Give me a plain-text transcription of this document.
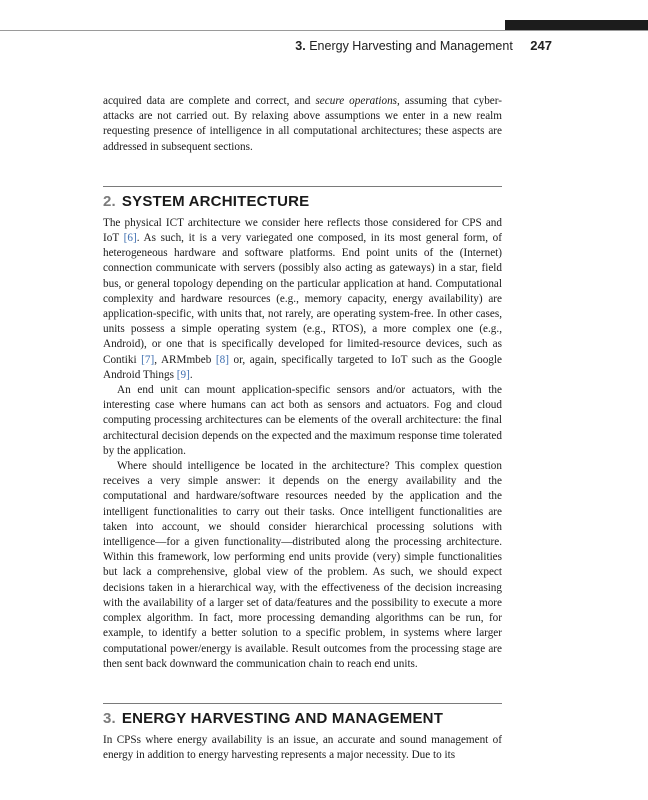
3. Energy Harvesting and Management 247

acquired data are complete and correct, and secure operations, assuming that cyber-attacks are not carried out. By relaxing above assumptions we enter in a new realm requesting presence of intelligence in all computational architectures; these aspects are addressed in subsequent sections.

2. SYSTEM ARCHITECTURE

The physical ICT architecture we consider here reflects those considered for CPS and IoT [6]. As such, it is a very variegated one composed, in its most general form, of heterogeneous hardware and software platforms. End point units of the (Internet) connection communicate with servers (possibly also acting as gateways) in a star, field bus, or general topology depending on the particular application at hand. Computational complexity and hardware resources (e.g., memory capacity, energy availability) are application-specific, with units that, not rarely, are operating system-free. In other cases, units possess a simple operating system (e.g., RTOS), a more complex one (e.g., Android), or one that is specifically developed for limited-resource devices, such as Contiki [7], ARMmbeb [8] or, again, specifically targeted to IoT such as the Google Android Things [9].

An end unit can mount application-specific sensors and/or actuators, with the interesting case where humans can act both as sensors and actuators. Fog and cloud computing processing architectures can be elements of the overall architecture: the final architectural decision depends on the expected and the maximum response time tolerated by the application.

Where should intelligence be located in the architecture? This complex question receives a very simple answer: it depends on the energy availability and the computational and hardware/software resources needed by the application and the intelligent functionalities to carry out their tasks. Once intelligent functionalities are taken into account, we should consider hierarchical processing solutions with intelligence—for a given functionality—distributed along the processing architecture. Within this framework, low performing end units provide (very) simple functionalities but lack a comprehensive, global view of the problem. As such, we should expect decisions taken in a hierarchical way, with the effectiveness of the decision increasing with the availability of a larger set of data/features and the possibility to execute a more complex algorithm. In fact, more processing demanding algorithms can be run, for example, to identify a better solution to a specific problem, in systems where larger computational power/energy is available. Result outcomes from the processing stage are then sent back downward the communication chain to reach end units.

3. ENERGY HARVESTING AND MANAGEMENT

In CPSs where energy availability is an issue, an accurate and sound management of energy in addition to energy harvesting represents a major necessity. Due to its
